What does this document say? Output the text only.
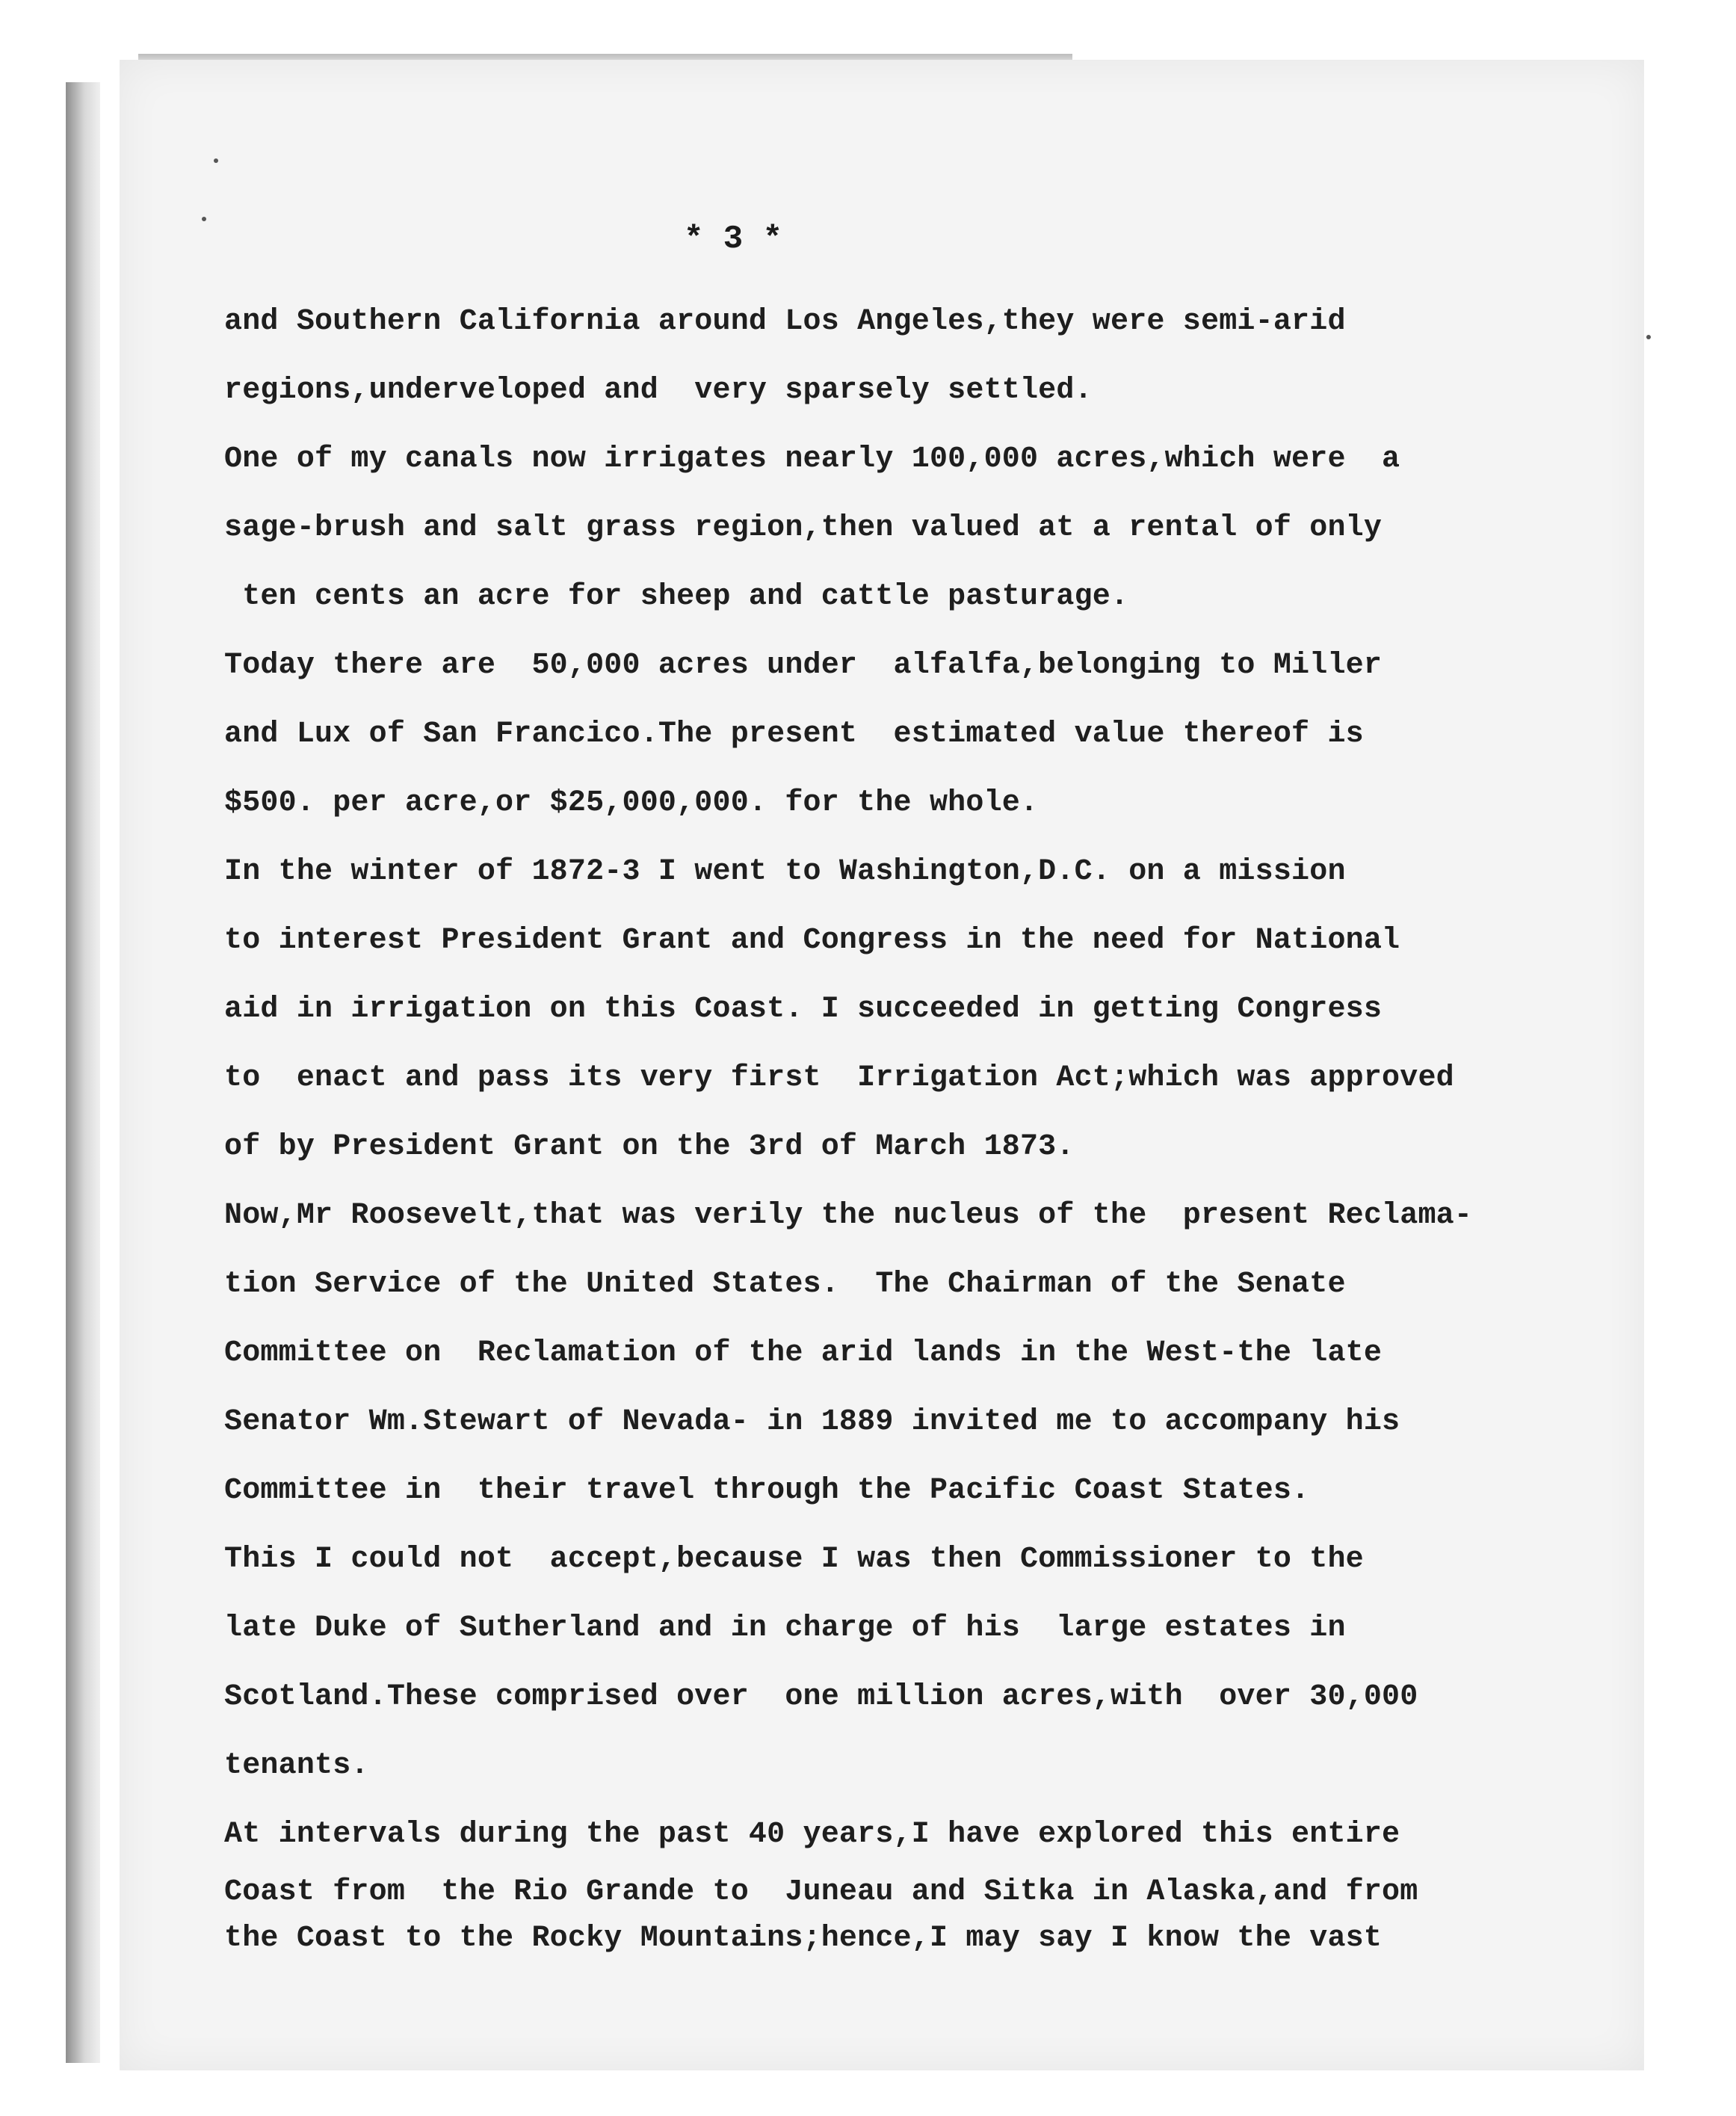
* 3 *
and Southern California around Los Angeles,they were semi-arid
regions,underveloped and  very sparsely settled.
One of my canals now irrigates nearly 100,000 acres,which were  a
sage-brush and salt grass region,then valued at a rental of only
ten cents an acre for sheep and cattle pasturage.
Today there are  50,000 acres under  alfalfa,belonging to Miller
and Lux of San Francico.The present  estimated value thereof is
$500. per acre,or $25,000,000. for the whole.
In the winter of 1872-3 I went to Washington,D.C. on a mission
to interest President Grant and Congress in the need for National
aid in irrigation on this Coast. I succeeded in getting Congress
to  enact and pass its very first  Irrigation Act;which was approved
of by President Grant on the 3rd of March 1873.
Now,Mr Roosevelt,that was verily the nucleus of the  present Reclama-
tion Service of the United States.  The Chairman of the Senate
Committee on  Reclamation of the arid lands in the West-the late
Senator Wm.Stewart of Nevada- in 1889 invited me to accompany his
Committee in  their travel through the Pacific Coast States.
This I could not  accept,because I was then Commissioner to the
late Duke of Sutherland and in charge of his  large estates in
Scotland.These comprised over  one million acres,with  over 30,000
tenants.
At intervals during the past 40 years,I have explored this entire
Coast from  the Rio Grande to  Juneau and Sitka in Alaska,and from
the Coast to the Rocky Mountains;hence,I may say I know the vast
